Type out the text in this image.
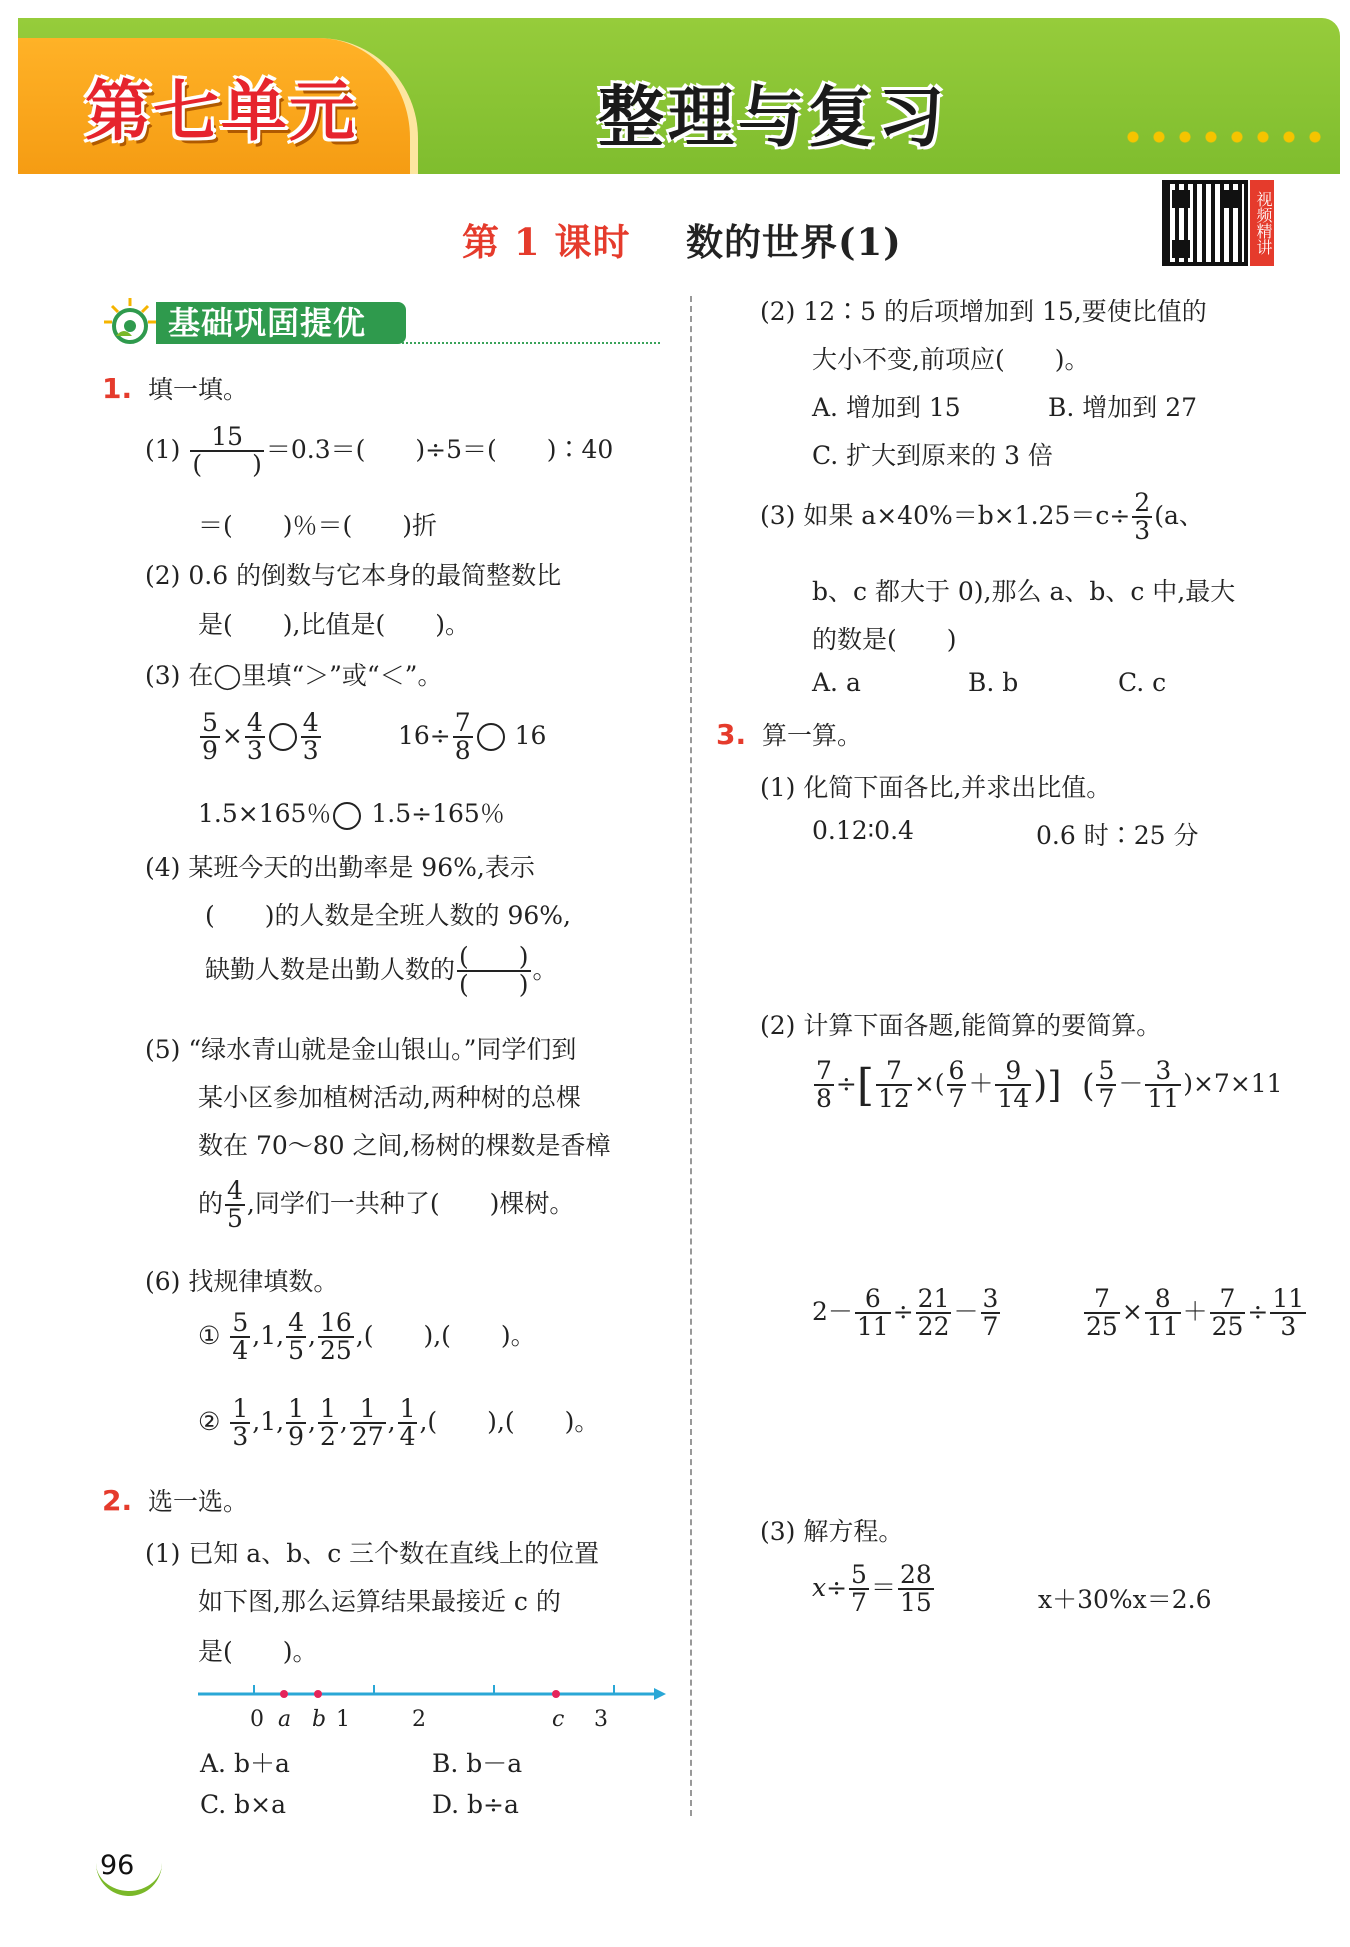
第七单元	整理与复习
第 1 课时 数的世界(1)	视频精讲
基础巩固提优
1. 填一填。
$(1) \frac{15}{( )} =0.3=$(　　)÷5＝(　　)∶40
＝(　　)％＝(　　)折
(2) 0.6 的倒数与它本身的最简整数比
是(　　),比值是(　　)。
(3) 在◯里填“＞”或“＜”。
$\frac{5}{9} \times \frac{4}{3} \frac{4}{3}$	$16\div \frac{7}{8} 16$
1.5×165％ 1.5÷165％
(4) 某班今天的出勤率是 96%,表示
(　　)的人数是全班人数的 96%,
缺勤人数是出勤人数的 $\frac{( )}{( )}$ 。
(5) “绿水青山就是金山银山。”同学们到
某小区参加植树活动,两种树的总棵
数在 70～80 之间,杨树的棵数是香樟
的 $\frac{4}{5}$ ,同学们一共种了(　　)棵树。
(6) 找规律填数。
① $\frac{5}{4} ,1$, $\frac{4}{5}$ , $\frac{16}{25}$ ,(　　),(　　)。
② $\frac{1}{3} ,1$, $\frac{1}{9}$ , $\frac{1}{2}$ , $\frac{1}{27}$ , $\frac{1}{4}$ ,(　　),(　　)。
2. 选一选。
(1) 已知 a、b、c 三个数在直线上的位置
如下图,那么运算结果最接近 c 的
是(　　)。
0 a b 1	2	c 3
A. b＋a	B. b－a
C. b×a	D. b÷a
(2) 12∶5 的后项增加到 15,要使比值的
大小不变,前项应(　　)。
A. 增加到 15	B. 增加到 27
C. 扩大到原来的 3 倍
(3) 如果 $a\times 40\%=b\times 1.25=c\div \frac{2}{3} (a$、
b、c 都大于 0),那么 a、b、c 中,最大
的数是(　　)
A. a	B. b	C. c
3. 算一算。
(1) 化简下面各比,并求出比值。
0.12∶0.4	0.6 时∶25 分
(2) 计算下面各题,能简算的要简算。
$\frac{7}{8}$ ÷[ $\frac{7}{12}$ ×( $\frac{6}{7} + \frac{9}{14}$ )] ( $\frac{5}{7} - \frac{3}{11} )\times 7\times 11$
$2- \frac{6}{11} \div \frac{21}{22} - \frac{3}{7}$	$\frac{7}{25} \times \frac{8}{11} + \frac{7}{25} \div \frac{11}{3}$
(3) 解方程。
$x\div \frac{5}{7} = \frac{28}{15}$	x＋30%x＝2.6
96
